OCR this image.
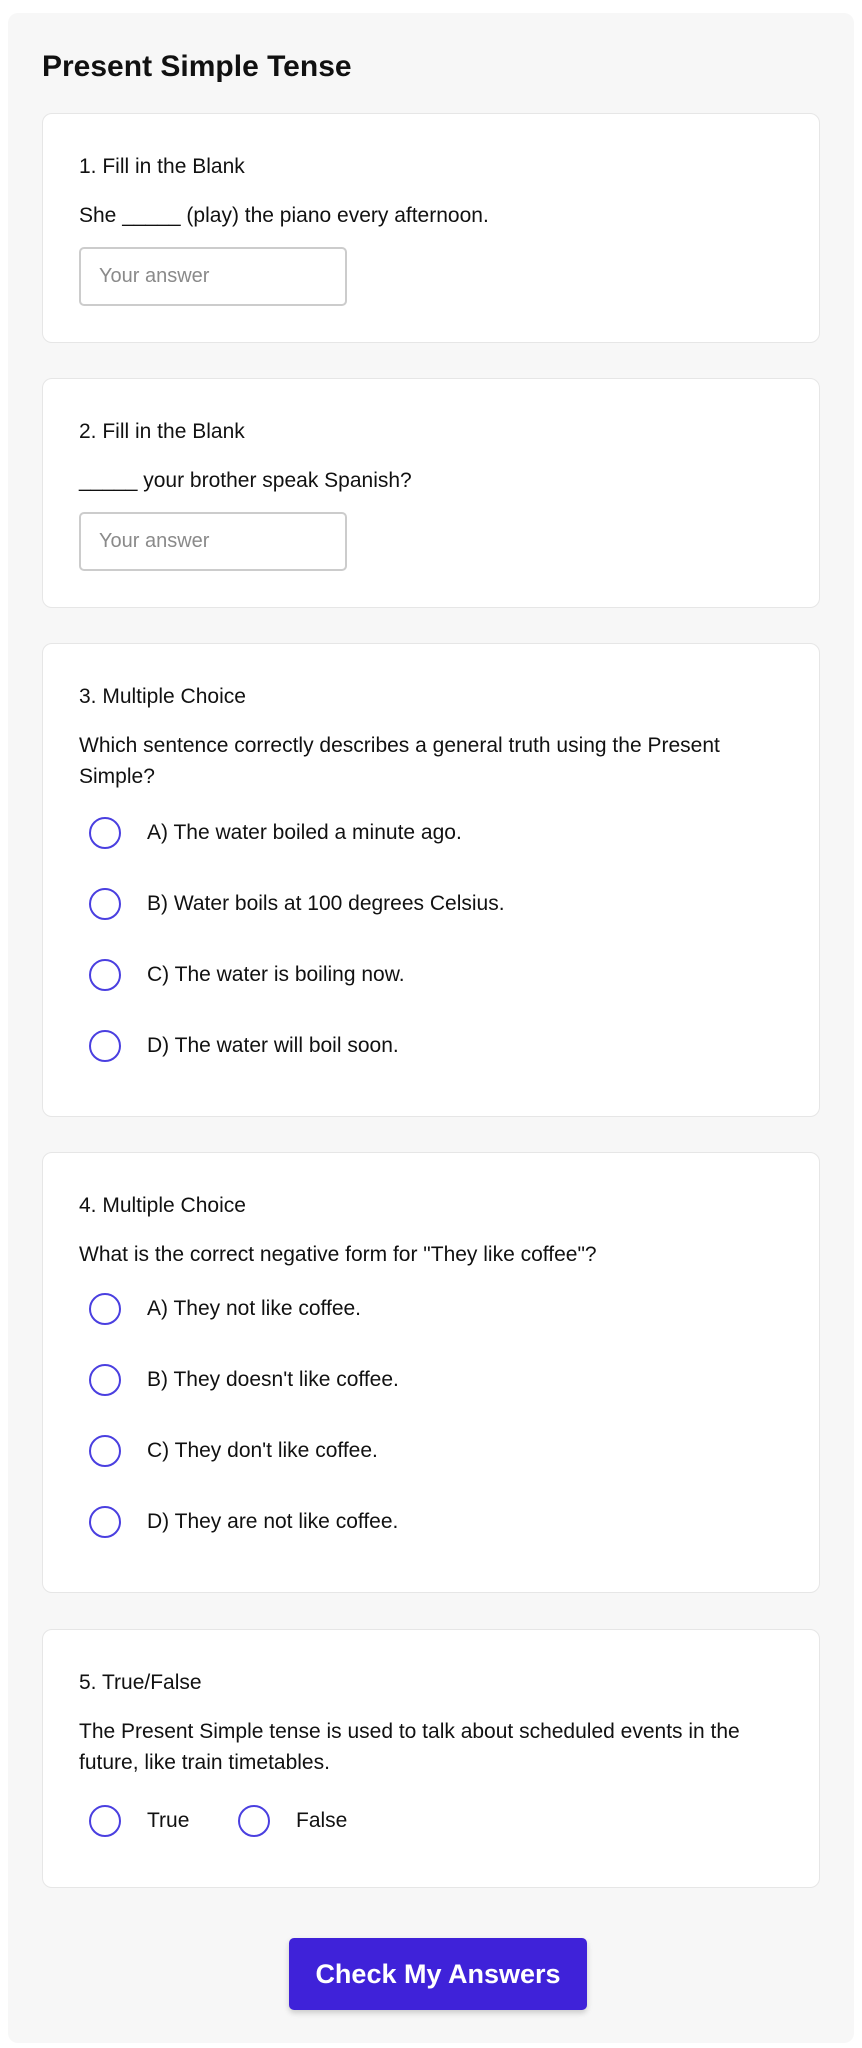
Present Simple Tense
1. Fill in the Blank

She _____ (play) the piano every afternoon.

Your answer
2. Fill in the Blank

_____ your brother speak Spanish?

Your answer
3. Multiple Choice

Which sentence correctly describes a general truth using the Present Simple?

A) The water boiled a minute ago.
B) Water boils at 100 degrees Celsius.
C) The water is boiling now.
D) The water will boil soon.
4. Multiple Choice

What is the correct negative form for "They like coffee"?

A) They not like coffee.
B) They doesn't like coffee.
C) They don't like coffee.
D) They are not like coffee.
5. True/False

The Present Simple tense is used to talk about scheduled events in the future, like train timetables.

True	False
Check My Answers
